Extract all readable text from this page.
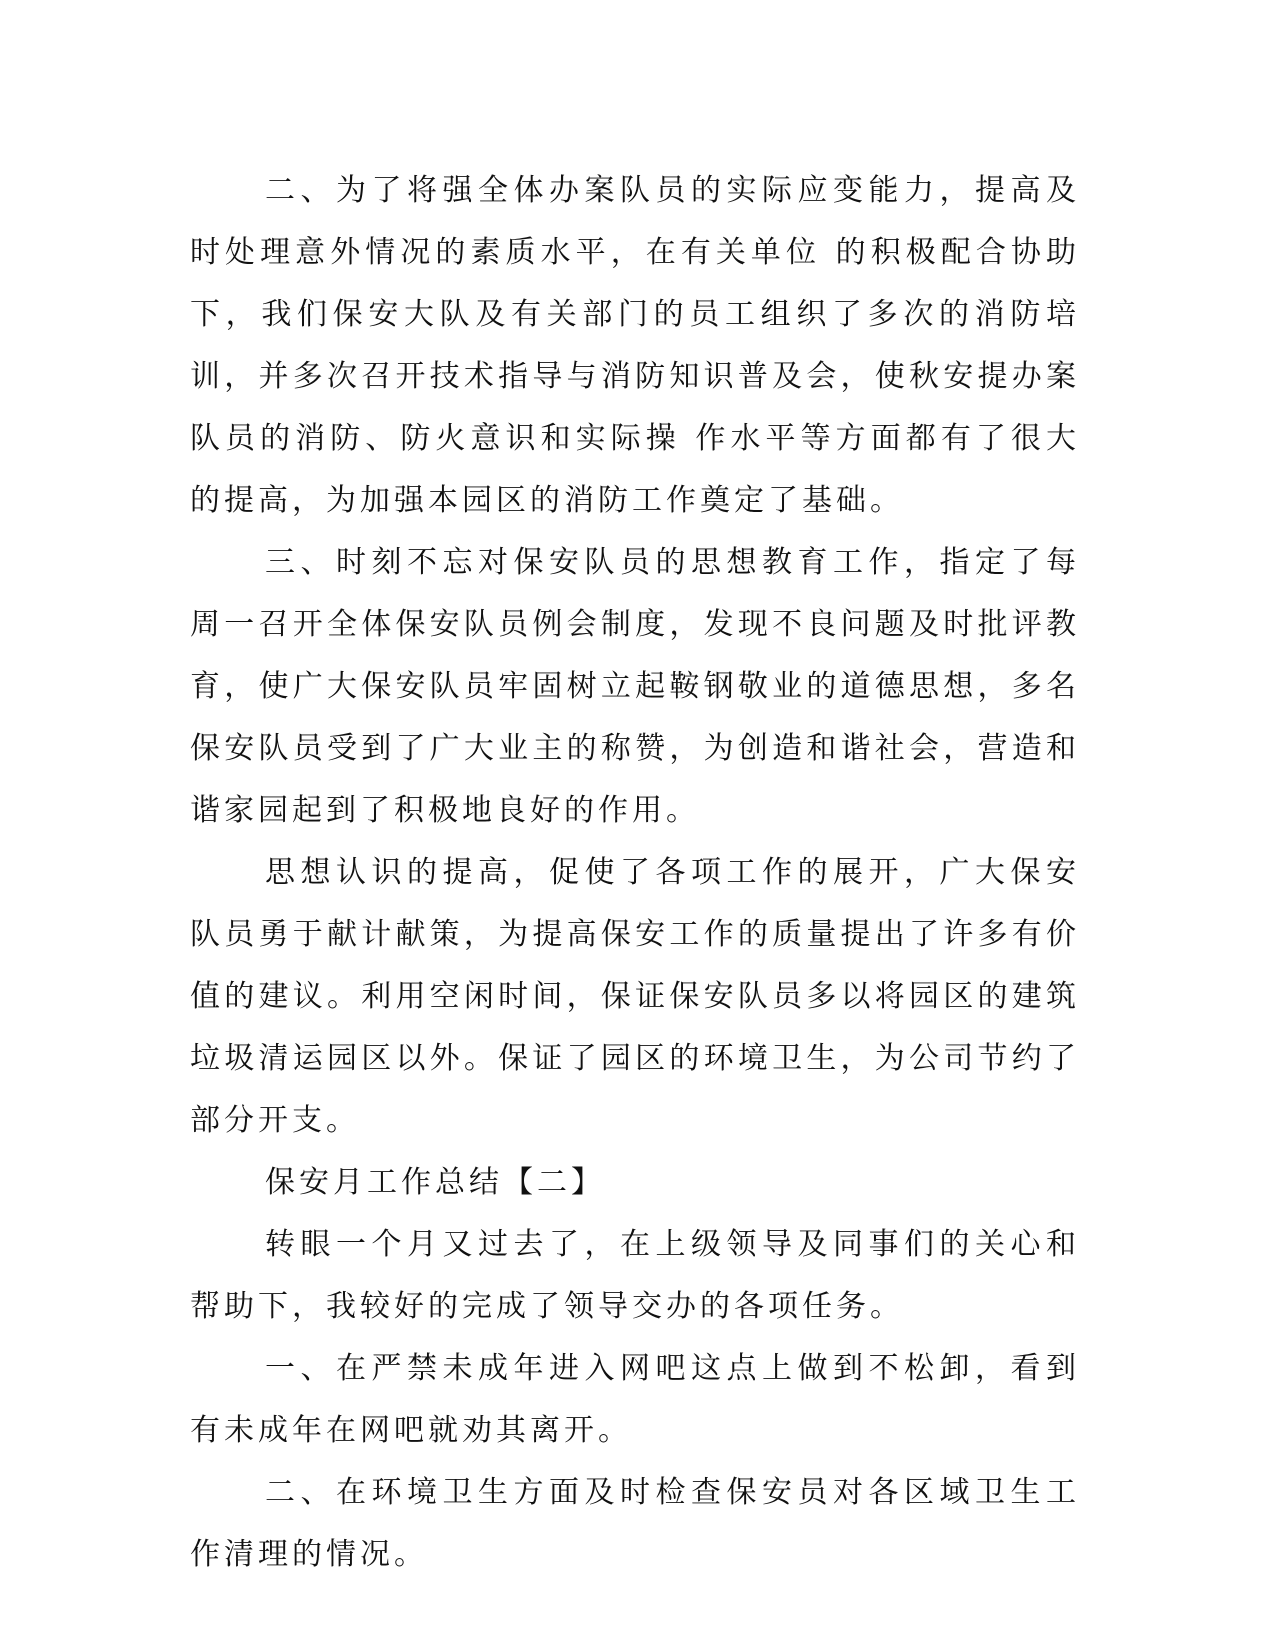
二、为了将强全体办案队员的实际应变能力，提高及时处理意外情况的素质水平，在有关单位 的积极配合协助下，我们保安大队及有关部门的员工组织了多次的消防培训，并多次召开技术指导与消防知识普及会，使秋安提办案队员的消防、防火意识和实际操 作水平等方面都有了很大的提高，为加强本园区的消防工作奠定了基础。

三、时刻不忘对保安队员的思想教育工作，指定了每周一召开全体保安队员例会制度，发现不良问题及时批评教育，使广大保安队员牢固树立起鞍钢敬业的道德思想，多名保安队员受到了广大业主的称赞，为创造和谐社会，营造和谐家园起到了积极地良好的作用。

思想认识的提高，促使了各项工作的展开，广大保安队员勇于献计献策，为提高保安工作的质量提出了许多有价值的建议。利用空闲时间，保证保安队员多以将园区的建筑垃圾清运园区以外。保证了园区的环境卫生，为公司节约了部分开支。

保安月工作总结【二】

转眼一个月又过去了，在上级领导及同事们的关心和帮助下，我较好的完成了领导交办的各项任务。

一、在严禁未成年进入网吧这点上做到不松卸，看到有未成年在网吧就劝其离开。

二、在环境卫生方面及时检查保安员对各区域卫生工作清理的情况。
